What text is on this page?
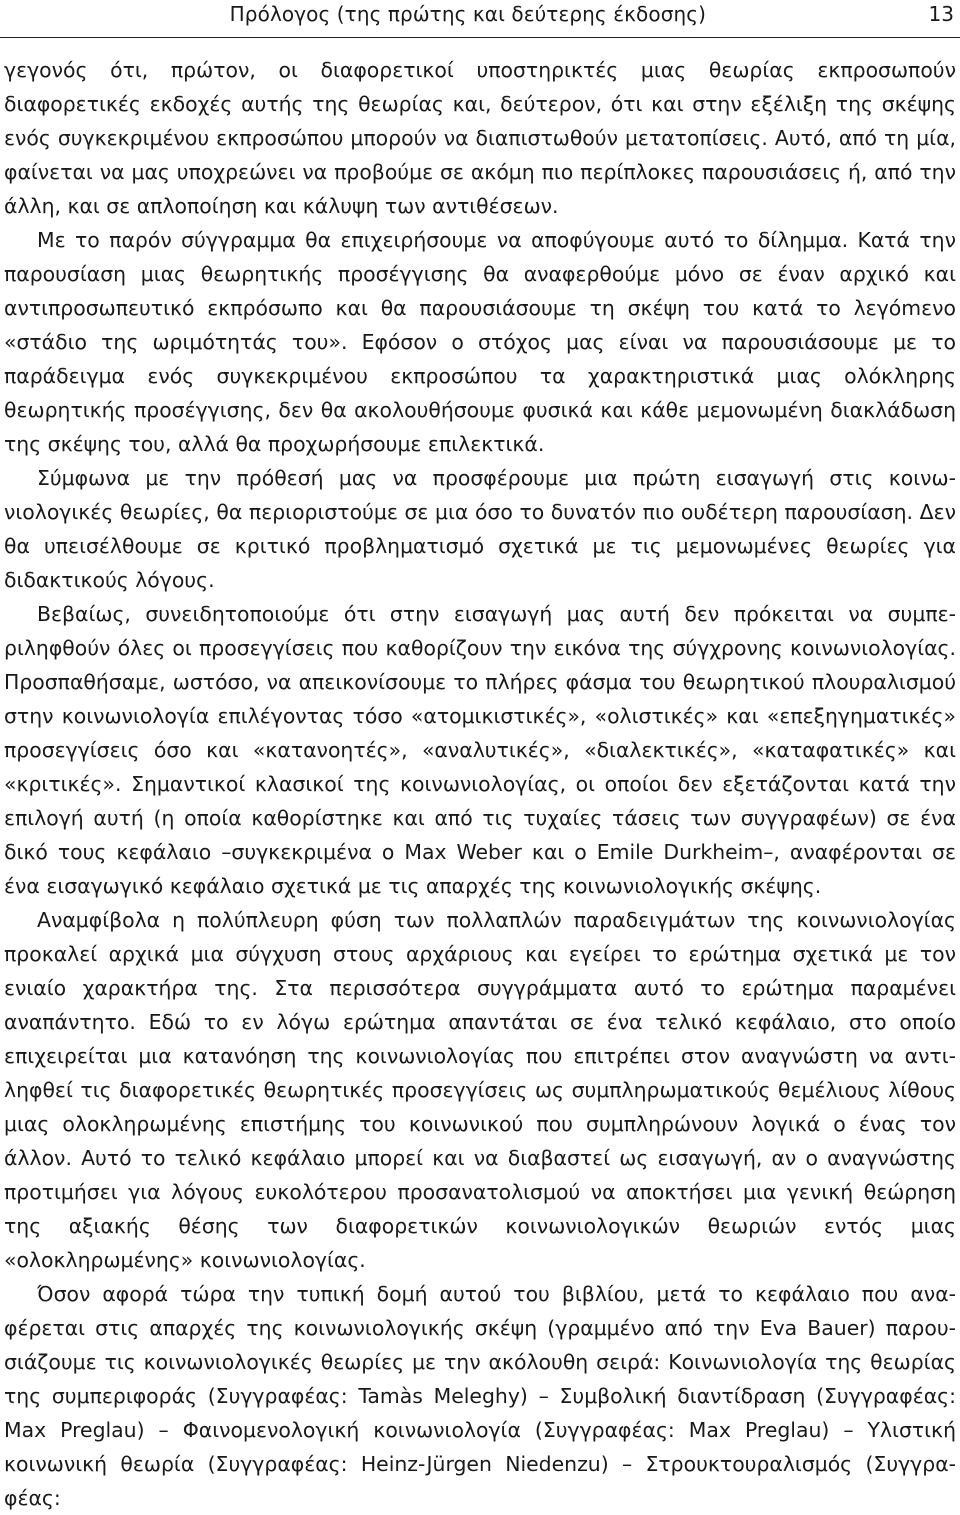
Πρόλογος (της πρώτης και δεύτερης έκδοσης)	13

γεγονός ότι, πρώτον, οι διαφορετικοί υποστηρικτές μιας θεωρίας εκπροσωπούν διαφορετικές εκδοχές αυτής της θεωρίας και, δεύτερον, ότι και στην εξέλιξη της σκέψης ενός συγκεκριμένου εκπροσώπου μπορούν να διαπιστωθούν μετατοπίσεις. Αυτό, από τη μία, φαίνεται να μας υποχρεώνει να προβούμε σε ακόμη πιο περίπλοκες παρουσιάσεις ή, από την άλλη, και σε απλοποίηση και κάλυψη των αντιθέσεων.

Με το παρόν σύγγραμμα θα επιχειρήσουμε να αποφύγουμε αυτό το δίλημμα. Κατά την παρουσίαση μιας θεωρητικής προσέγγισης θα αναφερθούμε μόνο σε έναν αρχικό και αντιπροσωπευτικό εκπρόσωπο και θα παρουσιάσουμε τη σκέψη του κατά το λεγόmενο «στάδιο της ωριμότητάς του». Εφόσον ο στόχος μας είναι να παρουσιάσουμε με το παράδειγμα ενός συγκεκριμένου εκπροσώπου τα χαρακτηριστικά μιας ολόκληρης θεωρητικής προσέγγισης, δεν θα ακολουθήσουμε φυσικά και κάθε μεμονωμένη διακλάδωση της σκέψης του, αλλά θα προχωρήσουμε επιλεκτικά.

Σύμφωνα με την πρόθεσή μας να προσφέρουμε μια πρώτη εισαγωγή στις κοινωνιολογικές θεωρίες, θα περιοριστούμε σε μια όσο το δυνατόν πιο ουδέτερη παρουσίαση. Δεν θα υπεισέλθουμε σε κριτικό προβληματισμό σχετικά με τις μεμονωμένες θεωρίες για διδακτικούς λόγους.

Βεβαίως, συνειδητοποιούμε ότι στην εισαγωγή μας αυτή δεν πρόκειται να συμπεριληφθούν όλες οι προσεγγίσεις που καθορίζουν την εικόνα της σύγχρονης κοινωνιολογίας. Προσπαθήσαμε, ωστόσο, να απεικονίσουμε το πλήρες φάσμα του θεωρητικού πλουραλισμού στην κοινωνιολογία επιλέγοντας τόσο «ατομικιστικές», «ολιστικές» και «επεξηγηματικές» προσεγγίσεις όσο και «κατανοητές», «αναλυτικές», «διαλεκτικές», «καταφατικές» και «κριτικές». Σημαντικοί κλασικοί της κοινωνιολογίας, οι οποίοι δεν εξετάζονται κατά την επιλογή αυτή (η οποία καθορίστηκε και από τις τυχαίες τάσεις των συγγραφέων) σε ένα δικό τους κεφάλαιο –συγκεκριμένα ο Max Weber και ο Emile Durkheim–, αναφέρονται σε ένα εισαγωγικό κεφάλαιο σχετικά με τις απαρχές της κοινωνιολογικής σκέψης.

Αναμφίβολα η πολύπλευρη φύση των πολλαπλών παραδειγμάτων της κοινωνιολογίας προκαλεί αρχικά μια σύγχυση στους αρχάριους και εγείρει το ερώτημα σχετικά με τον ενιαίο χαρακτήρα της. Στα περισσότερα συγγράμματα αυτό το ερώτημα παραμένει αναπάντητο. Εδώ το εν λόγω ερώτημα απαντάται σε ένα τελικό κεφάλαιο, στο οποίο επιχειρείται μια κατανόηση της κοινωνιολογίας που επιτρέπει στον αναγνώστη να αντιληφθεί τις διαφορετικές θεωρητικές προσεγγίσεις ως συμπληρωματικούς θεμέλιους λίθους μιας ολοκληρωμένης επιστήμης του κοινωνικού που συμπληρώνουν λογικά ο ένας τον άλλον. Αυτό το τελικό κεφάλαιο μπορεί και να διαβαστεί ως εισαγωγή, αν ο αναγνώστης προτιμήσει για λόγους ευκολότερου προσανατολισμού να αποκτήσει μια γενική θεώρηση της αξιακής θέσης των διαφορετικών κοινωνιολογικών θεωριών εντός μιας «ολοκληρωμένης» κοινωνιολογίας.

Όσον αφορά τώρα την τυπική δομή αυτού του βιβλίου, μετά το κεφάλαιο που αναφέρεται στις απαρχές της κοινωνιολογικής σκέψη (γραμμένο από την Eva Bauer) παρουσιάζουμε τις κοινωνιολογικές θεωρίες με την ακόλουθη σειρά: Κοινωνιολογία της θεωρίας της συμπεριφοράς (Συγγραφέας: Tamàs Meleghy) – Συμβολική διαντίδραση (Συγγραφέας: Max Preglau) – Φαινομενολογική κοινωνιολογία (Συγγραφέας: Max Preglau) – Υλιστική κοινωνική θεωρία (Συγγραφέας: Heinz-Jürgen Niedenzu) – Στρουκτουραλισμός (Συγγραφέας:
